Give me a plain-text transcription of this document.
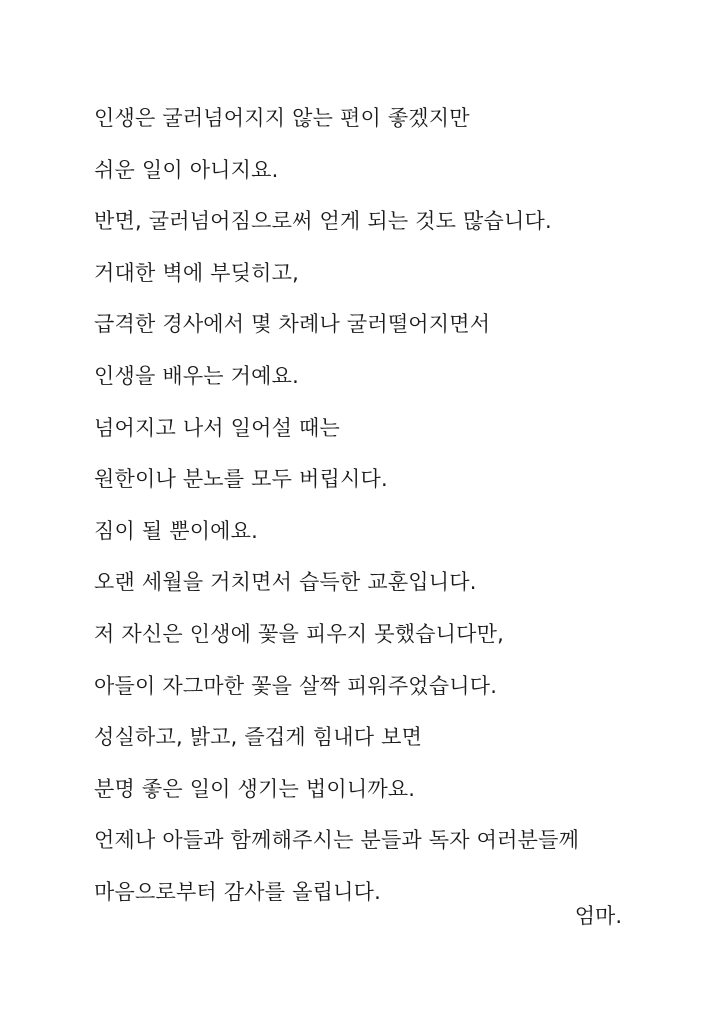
인생은 굴러넘어지지 않는 편이 좋겠지만
쉬운 일이 아니지요.
반면, 굴러넘어짐으로써 얻게 되는 것도 많습니다.
거대한 벽에 부딪히고,
급격한 경사에서 몇 차례나 굴러떨어지면서
인생을 배우는 거예요.
넘어지고 나서 일어설 때는
원한이나 분노를 모두 버립시다.
짐이 될 뿐이에요.
오랜 세월을 거치면서 습득한 교훈입니다.
저 자신은 인생에 꽃을 피우지 못했습니다만,
아들이 자그마한 꽃을 살짝 피워주었습니다.
성실하고, 밝고, 즐겁게 힘내다 보면
분명 좋은 일이 생기는 법이니까요.
언제나 아들과 함께해주시는 분들과 독자 여러분들께
마음으로부터 감사를 올립니다.
엄마.
